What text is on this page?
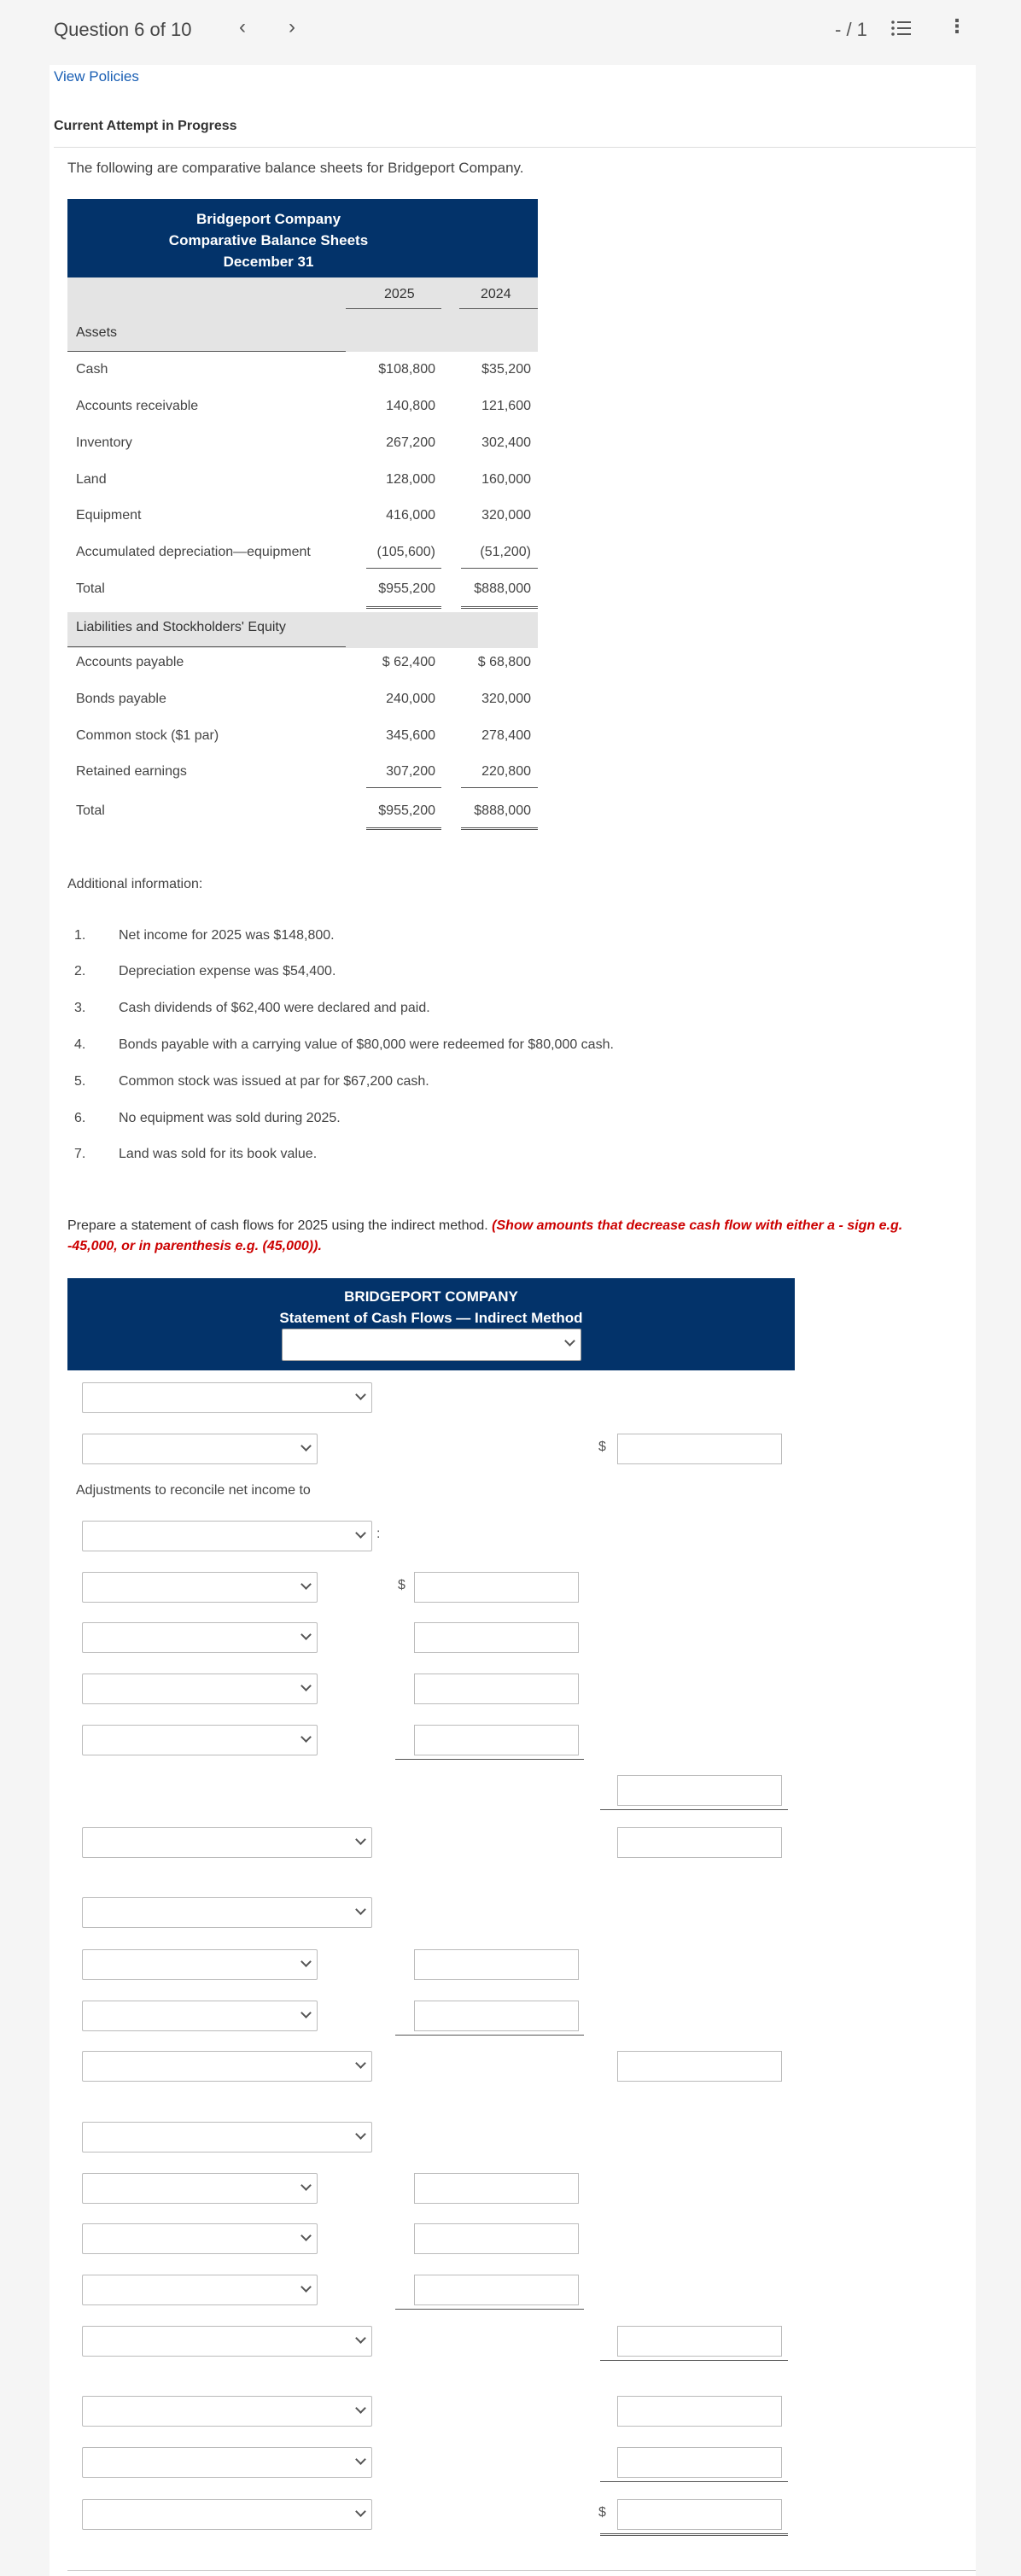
Question 6 of 10 ‹ ›	- / 1	⋮
View Policies
Current Attempt in Progress
The following are comparative balance sheets for Bridgeport Company.
Bridgeport Company
Comparative Balance Sheets
December 31
2025	2024
Assets
Cash	$108,800	$35,200
Accounts receivable	140,800	121,600
Inventory	267,200	302,400
Land	128,000	160,000
Equipment	416,000	320,000
Accumulated depreciation—equipment	(105,600)	(51,200)
Total	$955,200	$888,000
Liabilities and Stockholders' Equity
Accounts payable	$ 62,400	$ 68,800
Bonds payable	240,000	320,000
Common stock ($1 par)	345,600	278,400
Retained earnings	307,200	220,800
Total	$955,200	$888,000
Additional information:
1. Net income for 2025 was $148,800.
2. Depreciation expense was $54,400.
3. Cash dividends of $62,400 were declared and paid.
4. Bonds payable with a carrying value of $80,000 were redeemed for $80,000 cash.
5. Common stock was issued at par for $67,200 cash.
6. No equipment was sold during 2025.
7. Land was sold for its book value.
Prepare a statement of cash flows for 2025 using the indirect method. (Show amounts that decrease cash flow with either a - sign e.g. -45,000, or in parenthesis e.g. (45,000)).
BRIDGEPORT COMPANY
Statement of Cash Flows — Indirect Method
$
Adjustments to reconcile net income to
:
$
$
